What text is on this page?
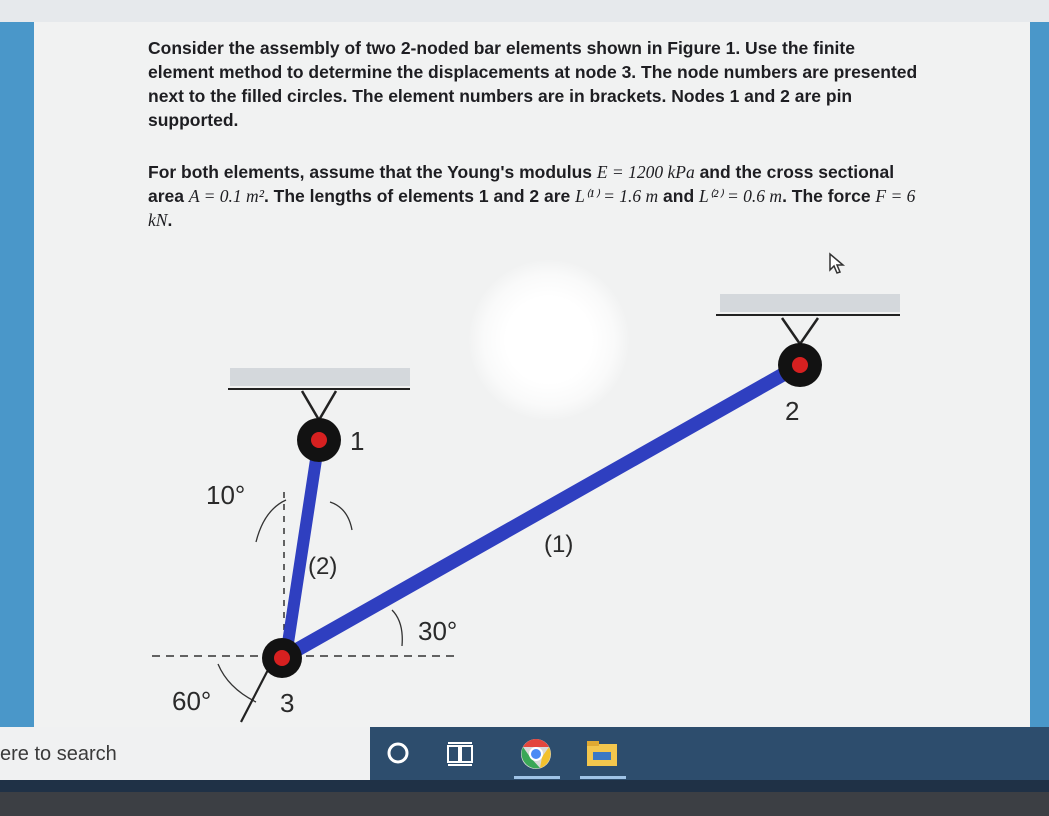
Consider the assembly of two 2-noded bar elements shown in Figure 1. Use the finite element method to determine the displacements at node 3. The node numbers are presented next to the filled circles. The element numbers are in brackets. Nodes 1 and 2 are pin supported.

For both elements, assume that the Young's modulus E = 1200 kPa and the cross sectional area A = 0.1 m². The lengths of elements 1 and 2 are L⁽¹⁾ = 1.6 m and L⁽²⁾ = 0.6 m. The force F = 6 kN.

1
2
3
(1)
(2)
10°
30°
60°
ere to search
